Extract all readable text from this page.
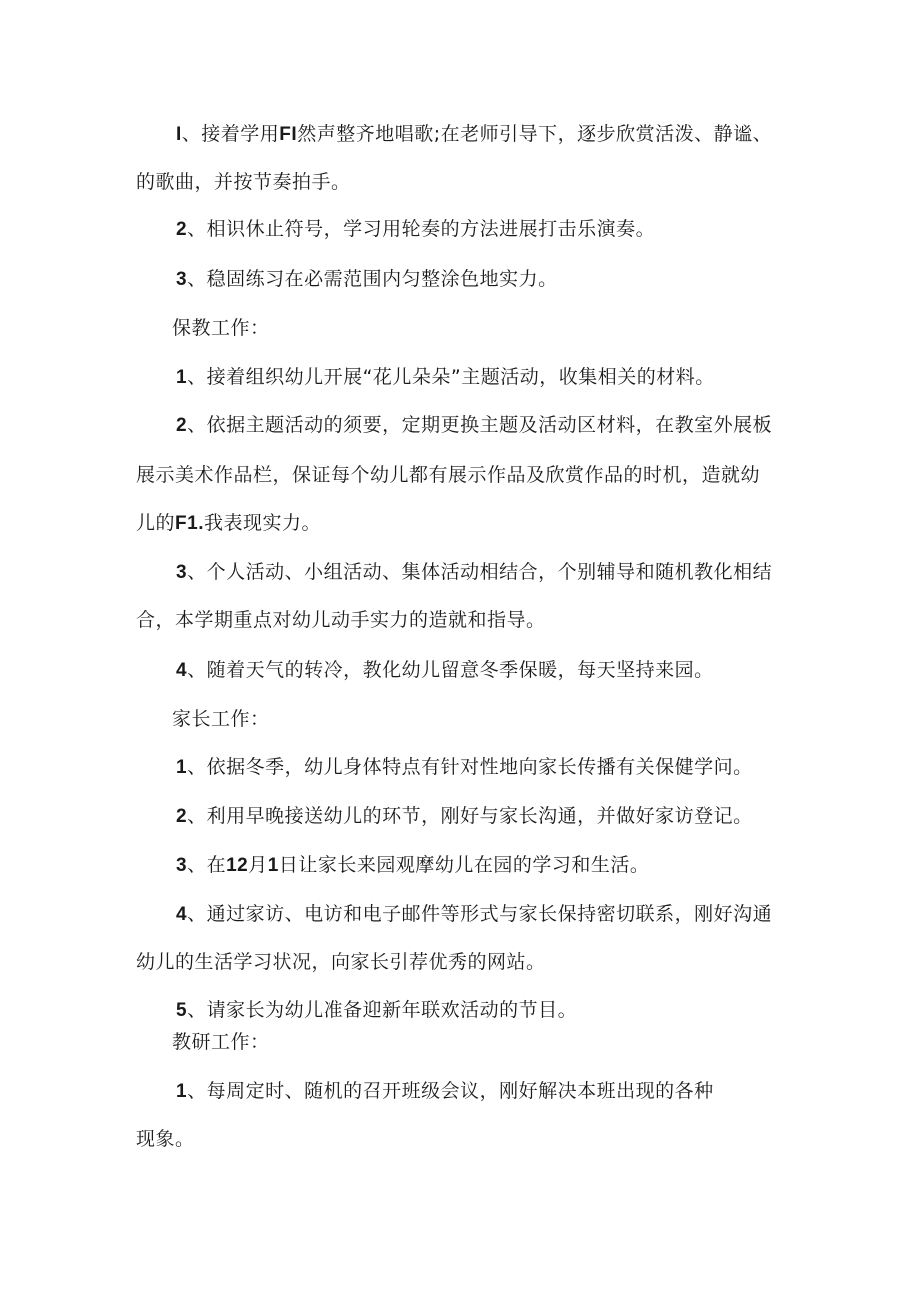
I、接着学用FI然声整齐地唱歌;在老师引导下，逐步欣赏活泼、静谧、
的歌曲，并按节奏拍手。
2、相识休止符号，学习用轮奏的方法进展打击乐演奏。
3、稳固练习在必需范围内匀整涂色地实力。
保教工作：
1、接着组织幼儿开展“花儿朵朵”主题活动，收集相关的材料。
2、依据主题活动的须要，定期更换主题及活动区材料，在教室外展板
展示美术作品栏，保证每个幼儿都有展示作品及欣赏作品的时机，造就幼
儿的F1.我表现实力。
3、个人活动、小组活动、集体活动相结合，个别辅导和随机教化相结
合，本学期重点对幼儿动手实力的造就和指导。
4、随着天气的转冷，教化幼儿留意冬季保暖，每天坚持来园。
家长工作：
1、依据冬季，幼儿身体特点有针对性地向家长传播有关保健学问。
2、利用早晚接送幼儿的环节，刚好与家长沟通，并做好家访登记。
3、在12月1日让家长来园观摩幼儿在园的学习和生活。
4、通过家访、电访和电子邮件等形式与家长保持密切联系，刚好沟通
幼儿的生活学习状况，向家长引荐优秀的网站。
5、请家长为幼儿准备迎新年联欢活动的节目。
教研工作：
1、每周定时、随机的召开班级会议，刚好解决本班出现的各种
现象。
